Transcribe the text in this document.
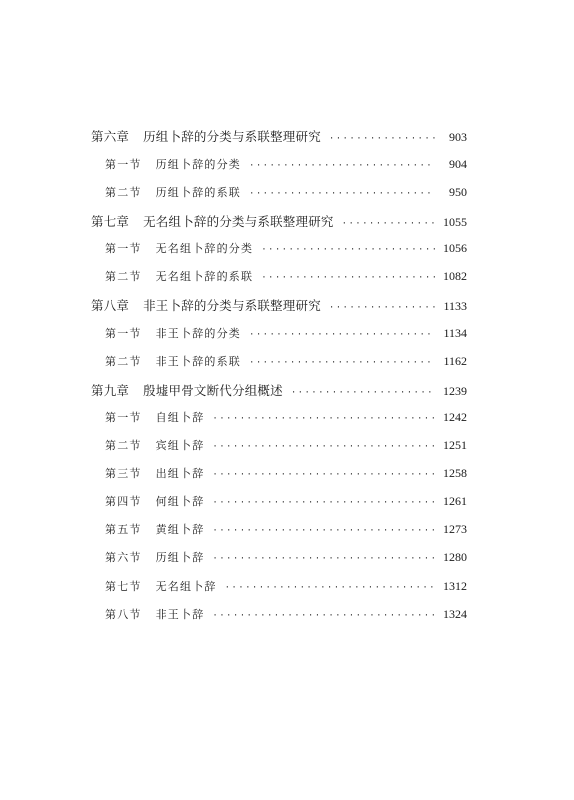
第六章 历组卜辞的分类与系联整理研究 ·····	903
第一节 历组卜辞的分类 ·····	904
第二节 历组卜辞的系联 ·····	950
第七章 无名组卜辞的分类与系联整理研究 ·····	1055
第一节 无名组卜辞的分类 ·····	1056
第二节 无名组卜辞的系联 ·····	1082
第八章 非王卜辞的分类与系联整理研究 ·····	1133
第一节 非王卜辞的分类 ·····	1134
第二节 非王卜辞的系联 ·····	1162
第九章 殷墟甲骨文断代分组概述 ·····	1239
第一节 自组卜辞 ·····	1242
第二节 宾组卜辞 ·····	1251
第三节 出组卜辞 ·····	1258
第四节 何组卜辞 ·····	1261
第五节 黄组卜辞 ·····	1273
第六节 历组卜辞 ·····	1280
第七节 无名组卜辞 ·····	1312
第八节 非王卜辞 ·····	1324
